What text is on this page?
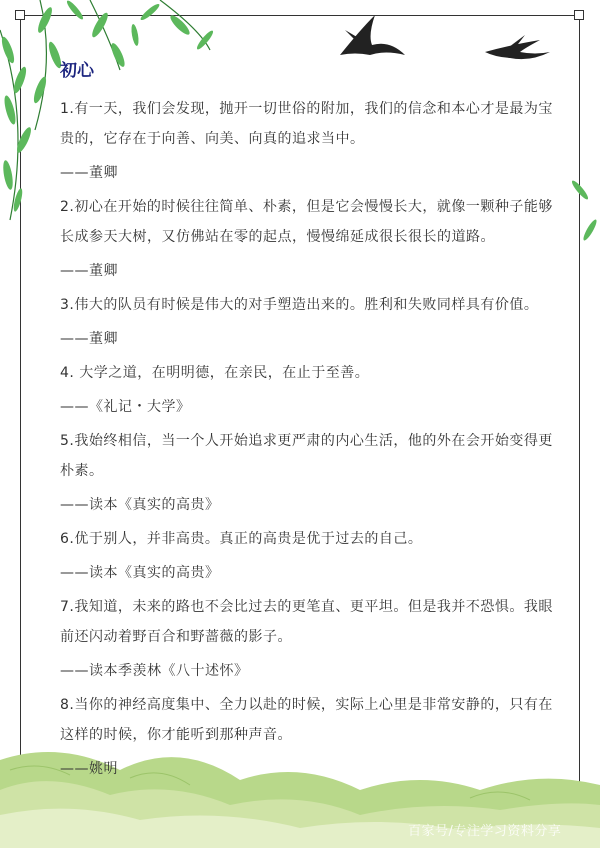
初心

1.有一天，我们会发现，抛开一切世俗的附加，我们的信念和本心才是最为宝贵的，它存在于向善、向美、向真的追求当中。

——董卿

2.初心在开始的时候往往简单、朴素，但是它会慢慢长大，就像一颗种子能够长成参天大树，又仿佛站在零的起点，慢慢绵延成很长很长的道路。

——董卿

3.伟大的队员有时候是伟大的对手塑造出来的。胜利和失败同样具有价值。

——董卿

4. 大学之道，在明明德，在亲民，在止于至善。

——《礼记・大学》

5.我始终相信，当一个人开始追求更严肃的内心生活，他的外在会开始变得更朴素。

——读本《真实的高贵》

6.优于别人，并非高贵。真正的高贵是优于过去的自己。

——读本《真实的高贵》

7.我知道，未来的路也不会比过去的更笔直、更平坦。但是我并不恐惧。我眼前还闪动着野百合和野蔷薇的影子。

——读本季羡林《八十述怀》

8.当你的神经高度集中、全力以赴的时候，实际上心里是非常安静的，只有在这样的时候，你才能听到那种声音。

——姚明

百家号/专注学习资料分享
